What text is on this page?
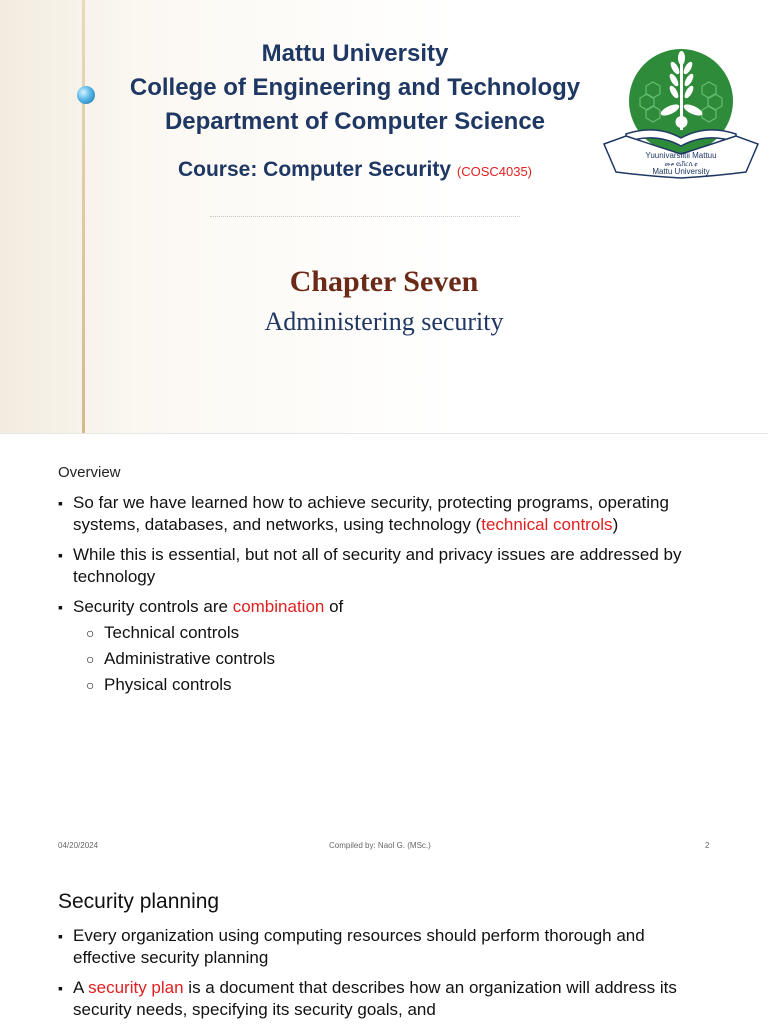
Mattu University
College of Engineering and Technology
Department of Computer Science
Course: Computer Security (COSC4035)
Chapter Seven
Administering security
Yuunivarsiitii Mattuu
መቱ ዩኒቨርሲቲ
Mattu University
Overview
▪ So far we have learned how to achieve security, protecting programs, operating systems, databases, and networks, using technology (technical controls)
▪ While this is essential, but not all of security and privacy issues are addressed by technology
▪ Security controls are combination of
○ Technical controls
○ Administrative controls
○ Physical controls
04/20/2024	Compiled by: Naol G. (MSc.)	2
Security planning
▪ Every organization using computing resources should perform thorough and effective security planning
▪ A security plan is a document that describes how an organization will address its security needs, specifying its security goals, and
